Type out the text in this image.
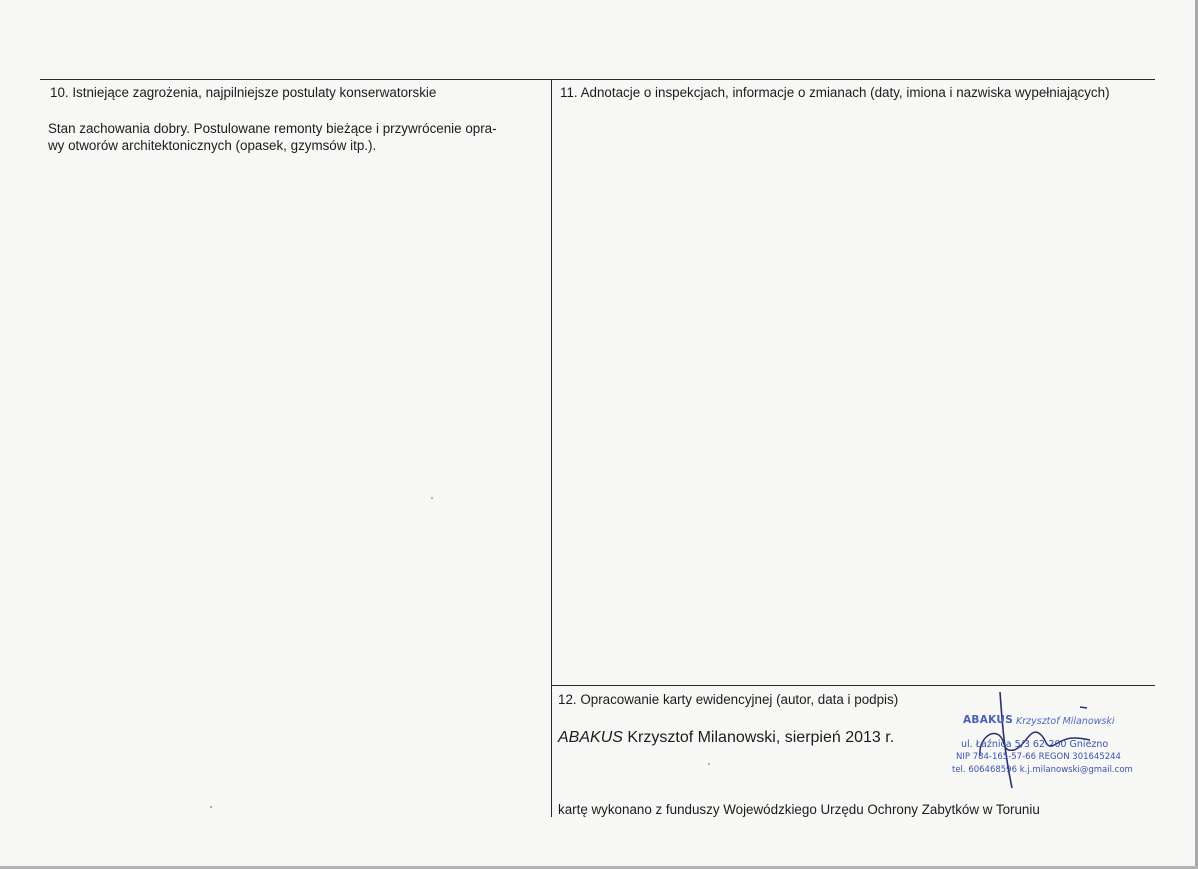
10. Istniejące zagrożenia, najpilniejsze postulaty konserwatorskie
Stan zachowania dobry. Postulowane remonty bieżące i przywrócenie opra-
wy otworów architektonicznych (opasek, gzymsów itp.).
11. Adnotacje o inspekcjach, informacje o zmianach (daty, imiona i nazwiska wypełniających)
12. Opracowanie karty ewidencyjnej (autor, data i podpis)
ABAKUS Krzysztof Milanowski, sierpień 2013 r.
ABAKUS Krzysztof Milanowski
ul. Łaźnica 5/3 62-200 Gniezno
NIP 784-165-57-66 REGON 301645244
tel. 606468596 k.j.milanowski@gmail.com
kartę wykonano z funduszy Wojewódzkiego Urzędu Ochrony Zabytków w Toruniu
